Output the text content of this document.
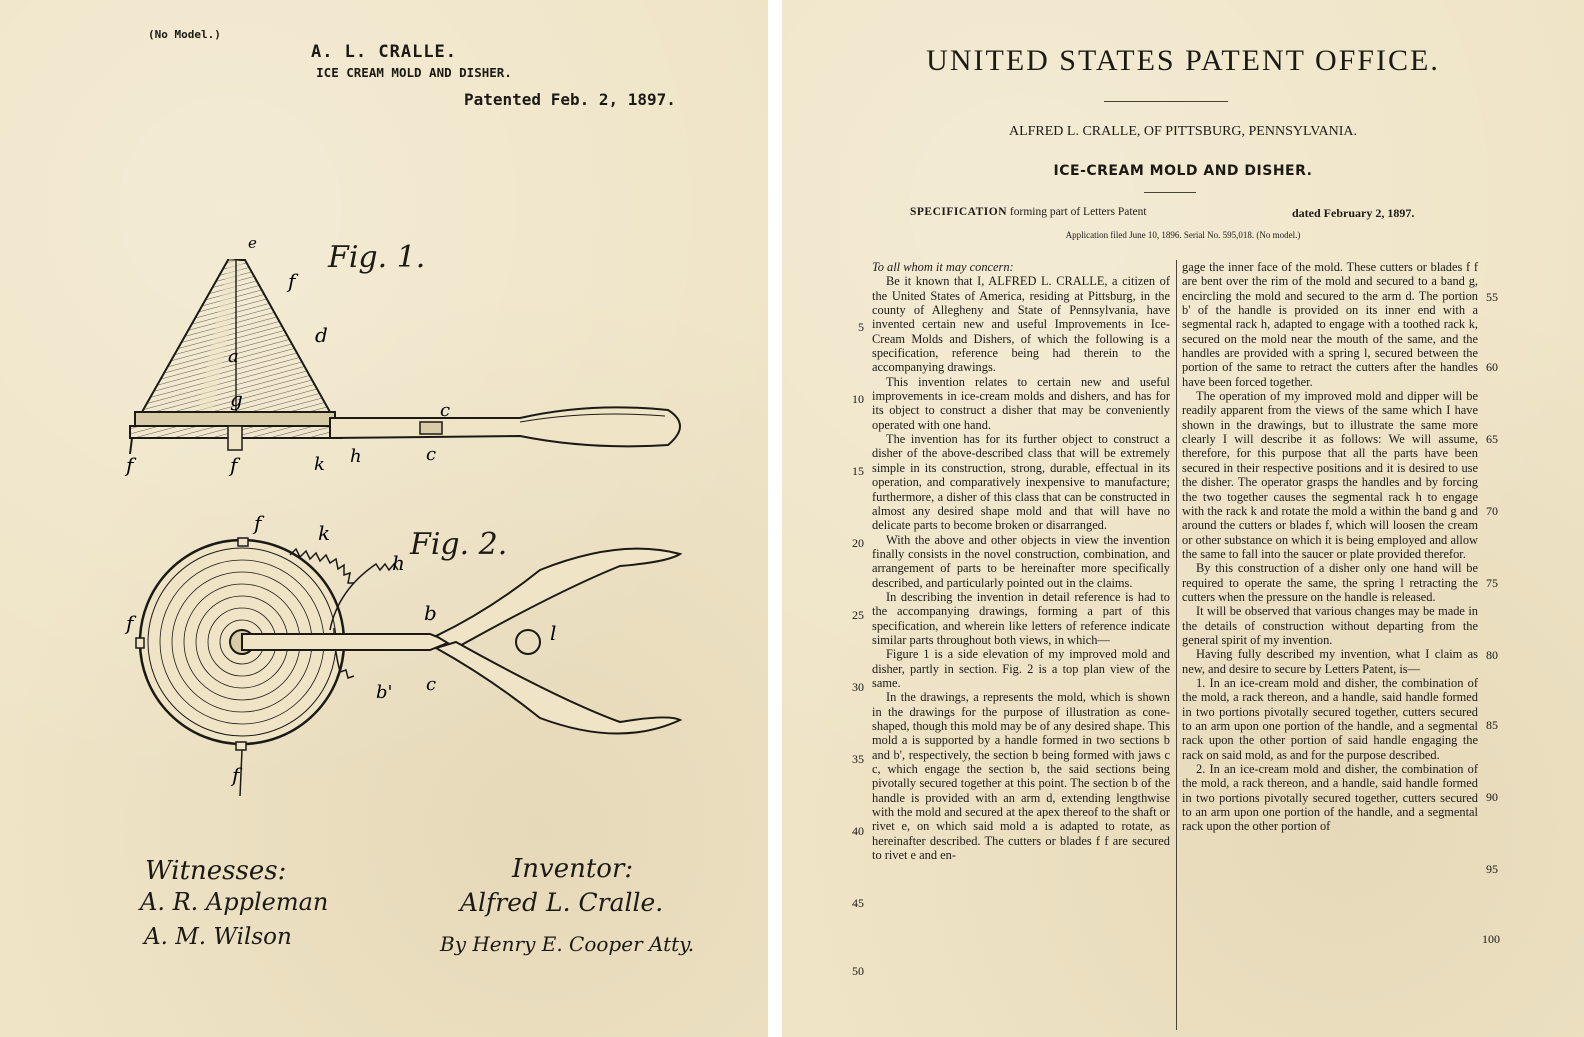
(No Model.)
A. L. CRALLE.
ICE CREAM MOLD AND DISHER.
Patented Feb. 2, 1897.
Fig. 1.
Fig. 2.
e
f
d
a
g	c
f	f	k h	c
f	k
h
f	b
l
b' c
f
Witnesses:
A. R. Appleman
A. M. Wilson
Inventor:
Alfred L. Cralle.
By Henry E. Cooper Atty.
UNITED STATES PATENT OFFICE.
ALFRED L. CRALLE, OF PITTSBURG, PENNSYLVANIA.
ICE-CREAM MOLD AND DISHER.
SPECIFICATION forming part of Letters Patent	dated February 2, 1897.
Application filed June 10, 1896. Serial No. 595,018. (No model.)
5
10
15
20
25
30
35
40
45
50
55
60
65
70
75
80
85
90
95
100

To all whom it may concern:

Be it known that I, ALFRED L. CRALLE, a citizen of the United States of America, residing at Pittsburg, in the county of Allegheny and State of Pennsylvania, have invented certain new and useful Improvements in Ice-Cream Molds and Dishers, of which the following is a specification, reference being had therein to the accompanying drawings.

This invention relates to certain new and useful improvements in ice-cream molds and dishers, and has for its object to construct a disher that may be conveniently operated with one hand.

The invention has for its further object to construct a disher of the above-described class that will be extremely simple in its construction, strong, durable, effectual in its operation, and comparatively inexpensive to manufacture; furthermore, a disher of this class that can be constructed in almost any desired shape mold and that will have no delicate parts to become broken or disarranged.

With the above and other objects in view the invention finally consists in the novel construction, combination, and arrangement of parts to be hereinafter more specifically described, and particularly pointed out in the claims.

In describing the invention in detail reference is had to the accompanying drawings, forming a part of this specification, and wherein like letters of reference indicate similar parts throughout both views, in which—

Figure 1 is a side elevation of my improved mold and disher, partly in section. Fig. 2 is a top plan view of the same.

In the drawings, a represents the mold, which is shown in the drawings for the purpose of illustration as cone-shaped, though this mold may be of any desired shape. This mold a is supported by a handle formed in two sections b and b', respectively, the section b being formed with jaws c c, which engage the section b, the said sections being pivotally secured together at this point. The section b of the handle is provided with an arm d, extending lengthwise with the mold and secured at the apex thereof to the shaft or rivet e, on which said mold a is adapted to rotate, as hereinafter described. The cutters or blades f f are secured to rivet e and en-

gage the inner face of the mold. These cutters or blades f f are bent over the rim of the mold and secured to a band g, encircling the mold and secured to the arm d. The portion b' of the handle is provided on its inner end with a segmental rack h, adapted to engage with a toothed rack k, secured on the mold near the mouth of the same, and the handles are provided with a spring l, secured between the portion of the same to retract the cutters after the handles have been forced together.

The operation of my improved mold and dipper will be readily apparent from the views of the same which I have shown in the drawings, but to illustrate the same more clearly I will describe it as follows: We will assume, therefore, for this purpose that all the parts have been secured in their respective positions and it is desired to use the disher. The operator grasps the handles and by forcing the two together causes the segmental rack h to engage with the rack k and rotate the mold a within the band g and around the cutters or blades f, which will loosen the cream or other substance on which it is being employed and allow the same to fall into the saucer or plate provided therefor.

By this construction of a disher only one hand will be required to operate the same, the spring l retracting the cutters when the pressure on the handle is released.

It will be observed that various changes may be made in the details of construction without departing from the general spirit of my invention.

Having fully described my invention, what I claim as new, and desire to secure by Letters Patent, is—

1. In an ice-cream mold and disher, the combination of the mold, a rack thereon, and a handle, said handle formed in two portions pivotally secured together, cutters secured to an arm upon one portion of the handle, and a segmental rack upon the other portion of said handle engaging the rack on said mold, as and for the purpose described.

2. In an ice-cream mold and disher, the combination of the mold, a rack thereon, and a handle, said handle formed in two portions pivotally secured together, cutters secured to an arm upon one portion of the handle, and a segmental rack upon the other portion of
